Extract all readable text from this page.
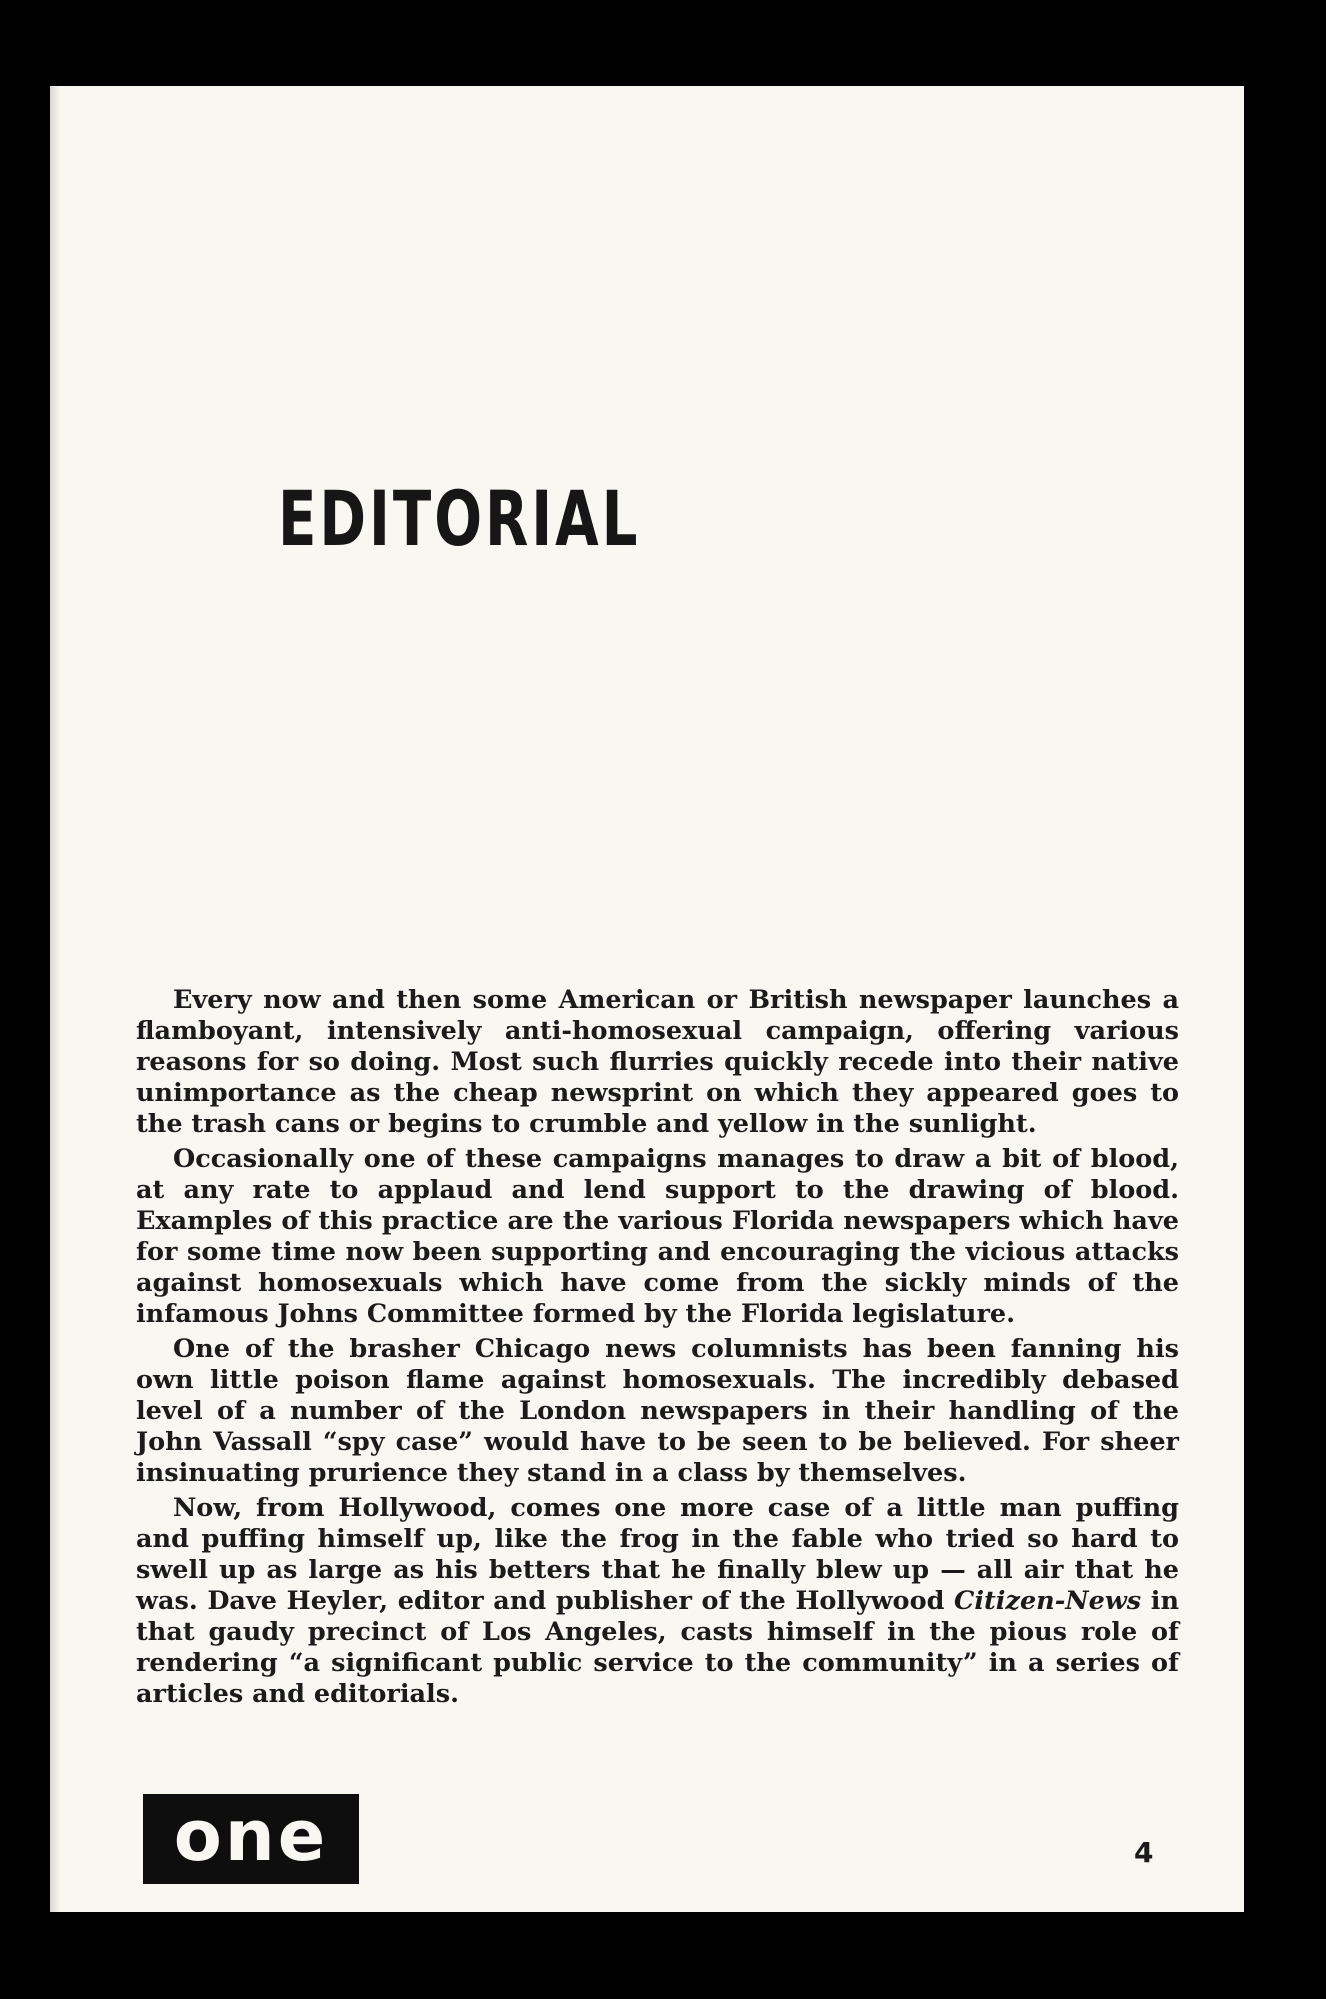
EDITORIAL

Every now and then some American or British newspaper launches a flamboyant, intensively anti-homosexual campaign, offering various reasons for so doing. Most such flurries quickly recede into their native unimportance as the cheap newsprint on which they appeared goes to the trash cans or begins to crumble and yellow in the sunlight.

Occasionally one of these campaigns manages to draw a bit of blood, at any rate to applaud and lend support to the drawing of blood. Examples of this practice are the various Florida newspapers which have for some time now been supporting and encouraging the vicious attacks against homosexuals which have come from the sickly minds of the infamous Johns Committee formed by the Florida legislature.

One of the brasher Chicago news columnists has been fanning his own little poison flame against homosexuals. The incredibly debased level of a number of the London newspapers in their handling of the John Vassall “spy case” would have to be seen to be believed. For sheer insinuating prurience they stand in a class by themselves.

Now, from Hollywood, comes one more case of a little man puffing and puffing himself up, like the frog in the fable who tried so hard to swell up as large as his betters that he finally blew up — all air that he was. Dave Heyler, editor and publisher of the Hollywood Citizen-News in that gaudy precinct of Los Angeles, casts himself in the pious role of rendering “a significant public service to the community” in a series of articles and editorials.

one	4
